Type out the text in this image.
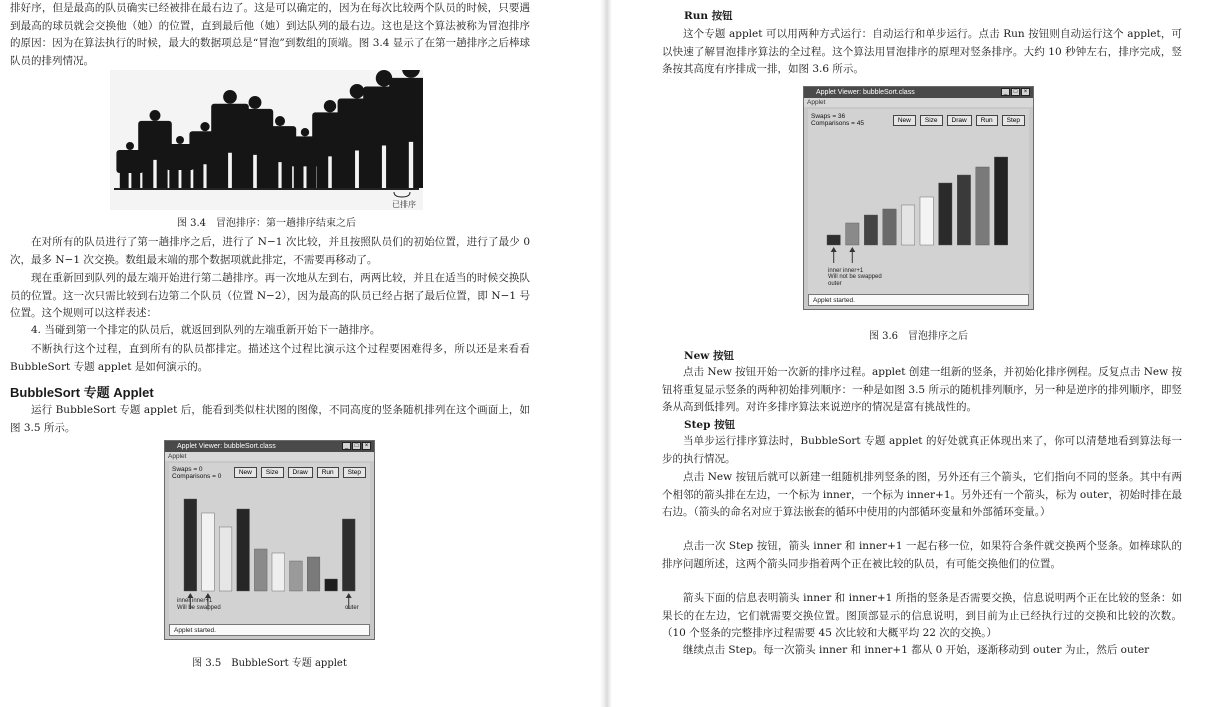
排好序，但是最高的队员确实已经被排在最右边了。这是可以确定的，因为在每次比较两个队员的时候，只要遇到最高的球员就会交换他（她）的位置，直到最后他（她）到达队列的最右边。这也是这个算法被称为冒泡排序的原因：因为在算法执行的时候，最大的数据项总是“冒泡”到数组的顶端。图 3.4 显示了在第一趟排序之后棒球队员的排列情况。

已排序

图 3.4　冒泡排序：第一趟排序结束之后

在对所有的队员进行了第一趟排序之后，进行了 N−1 次比较，并且按照队员们的初始位置，进行了最少 0 次，最多 N−1 次交换。数组最末端的那个数据项就此排定，不需要再移动了。

现在重新回到队列的最左端开始进行第二趟排序。再一次地从左到右，两两比较，并且在适当的时候交换队员的位置。这一次只需比较到右边第二个队员（位置 N−2），因为最高的队员已经占据了最后位置，即 N−1 号位置。这个规则可以这样表述：

4. 当碰到第一个排定的队员后，就返回到队列的左端重新开始下一趟排序。

不断执行这个过程，直到所有的队员都排定。描述这个过程比演示这个过程要困难得多，所以还是来看看 BubbleSort 专题 applet 是如何演示的。

BubbleSort 专题 Applet

运行 BubbleSort 专题 applet 后，能看到类似柱状图的图像，不同高度的竖条随机排列在这个画面上，如图 3.5 所示。

Applet Viewer: bubbleSort.class	_	□	×
Applet
Swaps = 0
Comparisons = 0
New	Size	Draw	Run	Step
inner inner+1
Will be swapped	outer
Applet started.

图 3.5　BubbleSort 专题 applet

Run 按钮

这个专题 applet 可以用两种方式运行：自动运行和单步运行。点击 Run 按钮则自动运行这个 applet，可以快速了解冒泡排序算法的全过程。这个算法用冒泡排序的原理对竖条排序。大约 10 秒钟左右，排序完成，竖条按其高度有序排成一排，如图 3.6 所示。

Applet Viewer: bubbleSort.class	_	□	×
Applet
Swaps = 36
Comparisons = 45	New	Size	Draw	Run	Step
inner inner+1
Will not be swapped
outer
Applet started.

图 3.6　冒泡排序之后

New 按钮

点击 New 按钮开始一次新的排序过程。applet 创建一组新的竖条，并初始化排序例程。反复点击 New 按钮将重复显示竖条的两种初始排列顺序：一种是如图 3.5 所示的随机排列顺序，另一种是逆序的排列顺序，即竖条从高到低排列。对许多排序算法来说逆序的情况是富有挑战性的。

Step 按钮

当单步运行排序算法时，BubbleSort 专题 applet 的好处就真正体现出来了，你可以清楚地看到算法每一步的执行情况。

点击 New 按钮后就可以新建一组随机排列竖条的图，另外还有三个箭头，它们指向不同的竖条。其中有两个相邻的箭头排在左边，一个标为 inner，一个标为 inner+1。另外还有一个箭头，标为 outer，初始时排在最右边。（箭头的命名对应于算法嵌套的循环中使用的内部循环变量和外部循环变量。）

点击一次 Step 按钮，箭头 inner 和 inner+1 一起右移一位，如果符合条件就交换两个竖条。如棒球队的排序问题所述，这两个箭头同步指着两个正在被比较的队员，有可能交换他们的位置。

箭头下面的信息表明箭头 inner 和 inner+1 所指的竖条是否需要交换，信息说明两个正在比较的竖条：如果长的在左边，它们就需要交换位置。图顶部显示的信息说明，到目前为止已经执行过的交换和比较的次数。（10 个竖条的完整排序过程需要 45 次比较和大概平均 22 次的交换。）

继续点击 Step。每一次箭头 inner 和 inner+1 都从 0 开始，逐渐移动到 outer 为止，然后 outer
